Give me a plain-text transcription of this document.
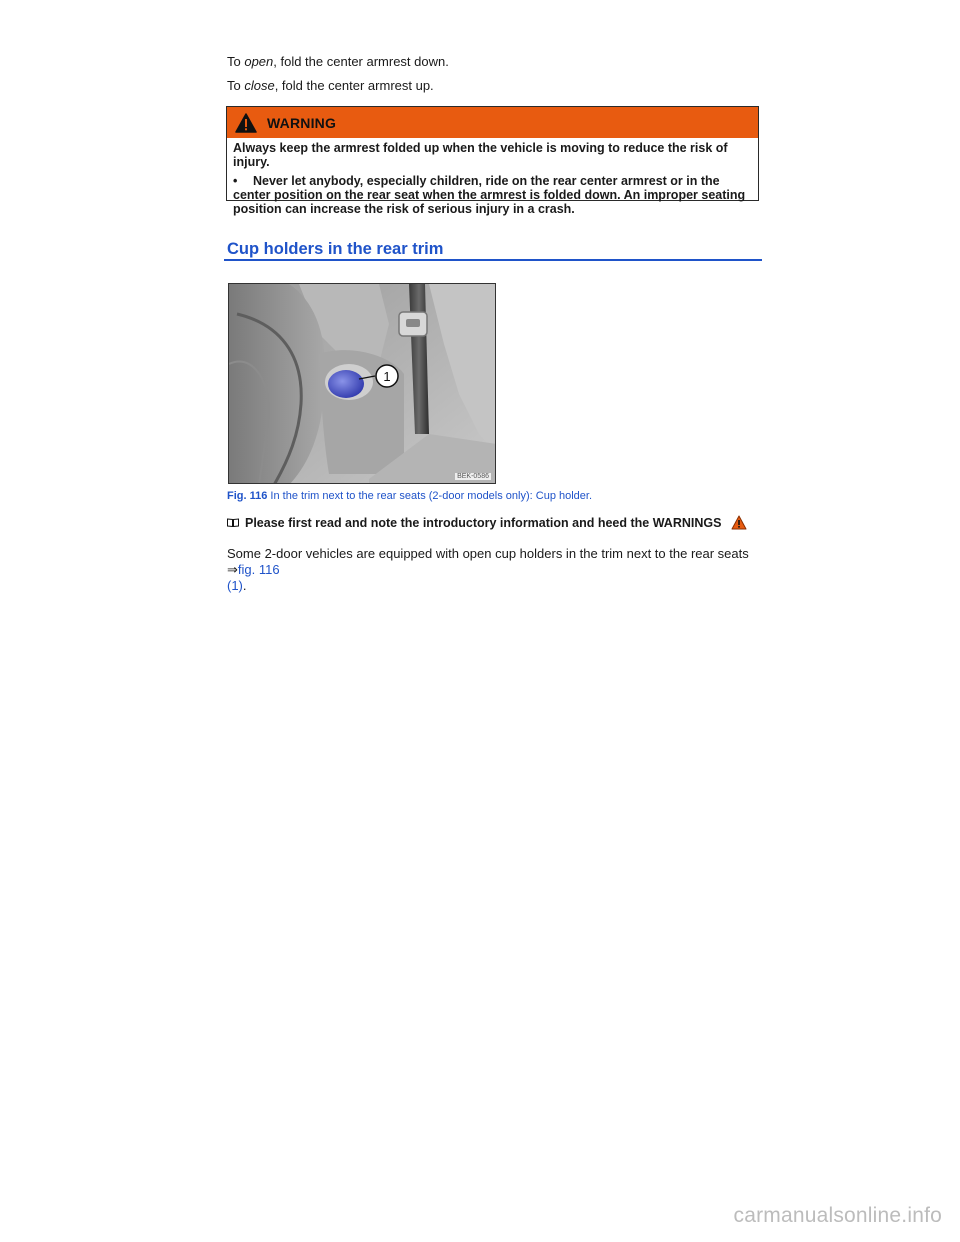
To open, fold the center armrest down.

To close, fold the center armrest up.

WARNING

Always keep the armrest folded up when the vehicle is moving to reduce the risk of injury.

• Never let anybody, especially children, ride on the rear center armrest or in the center position on the rear seat when the armrest is folded down. An improper seating position can increase the risk of serious injury in a crash.

Cup holders in the rear trim
1
BEK-0586

Fig. 116 In the trim next to the rear seats (2-door models only): Cup holder.

Please first read and note the introductory information and heed the WARNINGS

Some 2-door vehicles are equipped with open cup holders in the trim next to the rear seats ⇒fig. 116
(1).

carmanualsonline.info
